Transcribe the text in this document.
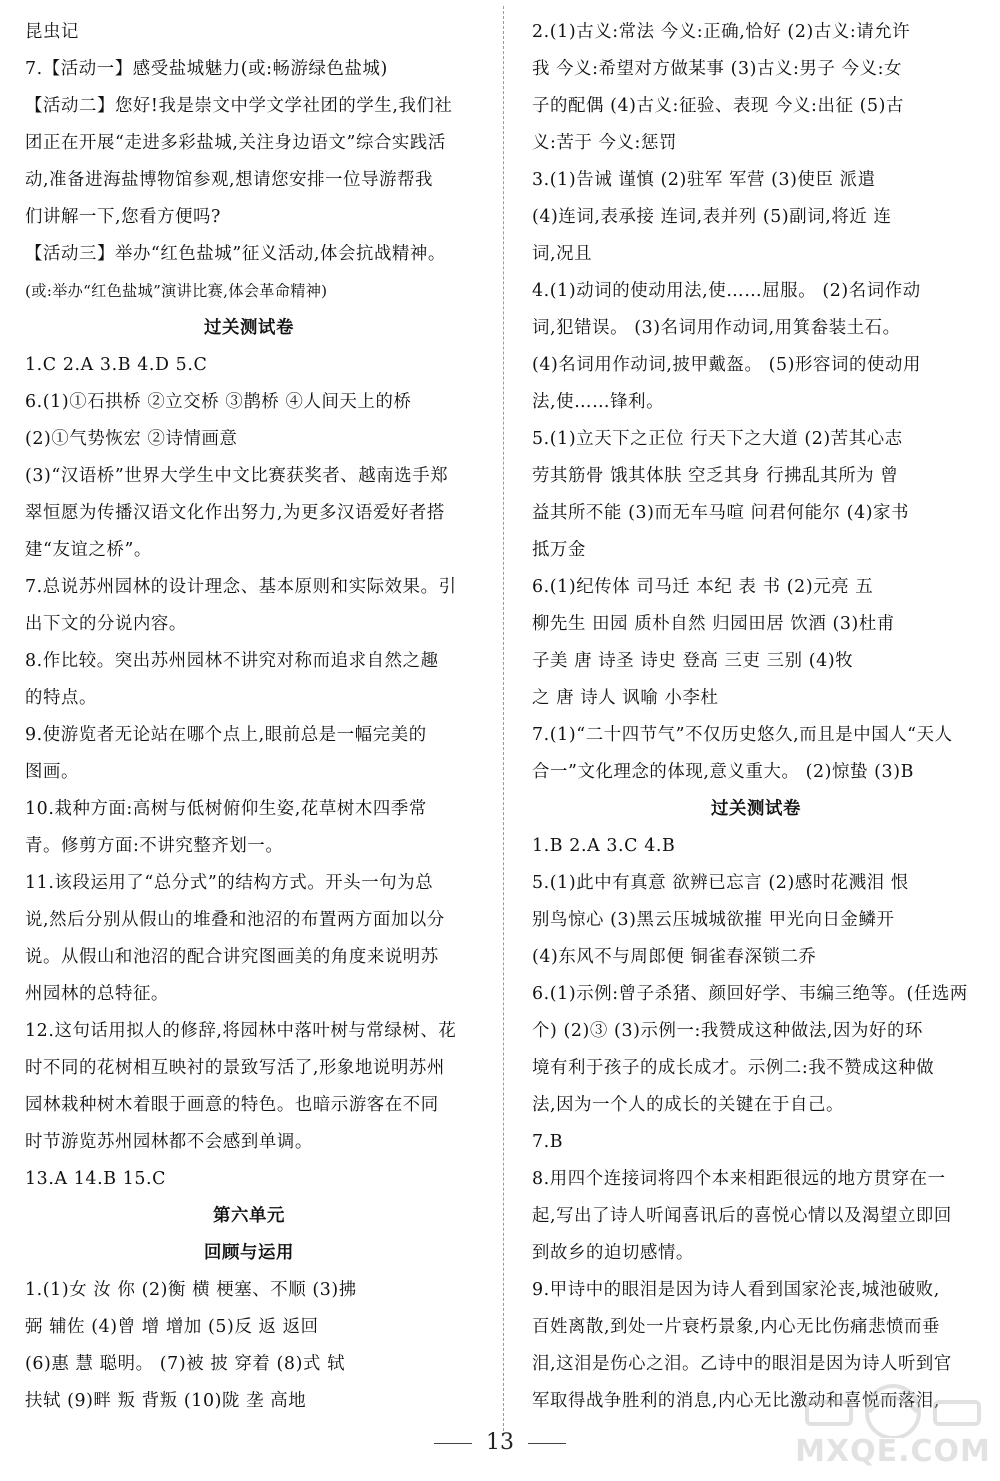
昆虫记
7.【活动一】感受盐城魅力(或:畅游绿色盐城)
【活动二】您好!我是崇文中学文学社团的学生,我们社
团正在开展“走进多彩盐城,关注身边语文”综合实践活
动,准备进海盐博物馆参观,想请您安排一位导游帮我
们讲解一下,您看方便吗?
【活动三】举办“红色盐城”征义活动,体会抗战精神。
(或:举办“红色盐城”演讲比赛,体会革命精神)
过关测试卷
1.C 2.A 3.B 4.D 5.C
6.(1)①石拱桥 ②立交桥 ③鹊桥 ④人间天上的桥
(2)①气势恢宏 ②诗情画意
(3)“汉语桥”世界大学生中文比赛获奖者、越南选手郑
翠恒愿为传播汉语文化作出努力,为更多汉语爱好者搭
建“友谊之桥”。
7.总说苏州园林的设计理念、基本原则和实际效果。引
出下文的分说内容。
8.作比较。突出苏州园林不讲究对称而追求自然之趣
的特点。
9.使游览者无论站在哪个点上,眼前总是一幅完美的
图画。
10.栽种方面:高树与低树俯仰生姿,花草树木四季常
青。修剪方面:不讲究整齐划一。
11.该段运用了“总分式”的结构方式。开头一句为总
说,然后分别从假山的堆叠和池沼的布置两方面加以分
说。从假山和池沼的配合讲究图画美的角度来说明苏
州园林的总特征。
12.这句话用拟人的修辞,将园林中落叶树与常绿树、花
时不同的花树相互映衬的景致写活了,形象地说明苏州
园林栽种树木着眼于画意的特色。也暗示游客在不同
时节游览苏州园林都不会感到单调。
13.A 14.B 15.C
第六单元
回顾与运用
1.(1)女 汝 你 (2)衡 横 梗塞、不顺 (3)拂
弼 辅佐 (4)曾 增 增加 (5)反 返 返回
(6)惠 慧 聪明。 (7)被 披 穿着 (8)式 轼
扶轼 (9)畔 叛 背叛 (10)陇 垄 高地
2.(1)古义:常法 今义:正确,恰好 (2)古义:请允许
我 今义:希望对方做某事 (3)古义:男子 今义:女
子的配偶 (4)古义:征验、表现 今义:出征 (5)古
义:苦于 今义:惩罚
3.(1)告诫 谨慎 (2)驻军 军营 (3)使臣 派遣
(4)连词,表承接 连词,表并列 (5)副词,将近 连
词,况且
4.(1)动词的使动用法,使……屈服。 (2)名词作动
词,犯错误。 (3)名词用作动词,用箕畚装土石。
(4)名词用作动词,披甲戴盔。 (5)形容词的使动用
法,使……锋利。
5.(1)立天下之正位 行天下之大道 (2)苦其心志
劳其筋骨 饿其体肤 空乏其身 行拂乱其所为 曾
益其所不能 (3)而无车马喧 问君何能尔 (4)家书
抵万金
6.(1)纪传体 司马迁 本纪 表 书 (2)元亮 五
柳先生 田园 质朴自然 归园田居 饮酒 (3)杜甫
子美 唐 诗圣 诗史 登高 三吏 三别 (4)牧
之 唐 诗人 讽喻 小李杜
7.(1)“二十四节气”不仅历史悠久,而且是中国人“天人
合一”文化理念的体现,意义重大。 (2)惊蛰 (3)B
过关测试卷
1.B 2.A 3.C 4.B
5.(1)此中有真意 欲辨已忘言 (2)感时花溅泪 恨
别鸟惊心 (3)黑云压城城欲摧 甲光向日金鳞开
(4)东风不与周郎便 铜雀春深锁二乔
6.(1)示例:曾子杀猪、颜回好学、韦编三绝等。(任选两
个) (2)③ (3)示例一:我赞成这种做法,因为好的环
境有利于孩子的成长成才。示例二:我不赞成这种做
法,因为一个人的成长的关键在于自己。
7.B
8.用四个连接词将四个本来相距很远的地方贯穿在一
起,写出了诗人听闻喜讯后的喜悦心情以及渴望立即回
到故乡的迫切感情。
9.甲诗中的眼泪是因为诗人看到国家沦丧,城池破败,
百姓离散,到处一片衰朽景象,内心无比伤痛悲愤而垂
泪,这泪是伤心之泪。乙诗中的眼泪是因为诗人听到官
军取得战争胜利的消息,内心无比激动和喜悦而落泪,
13	MXQE.COM
